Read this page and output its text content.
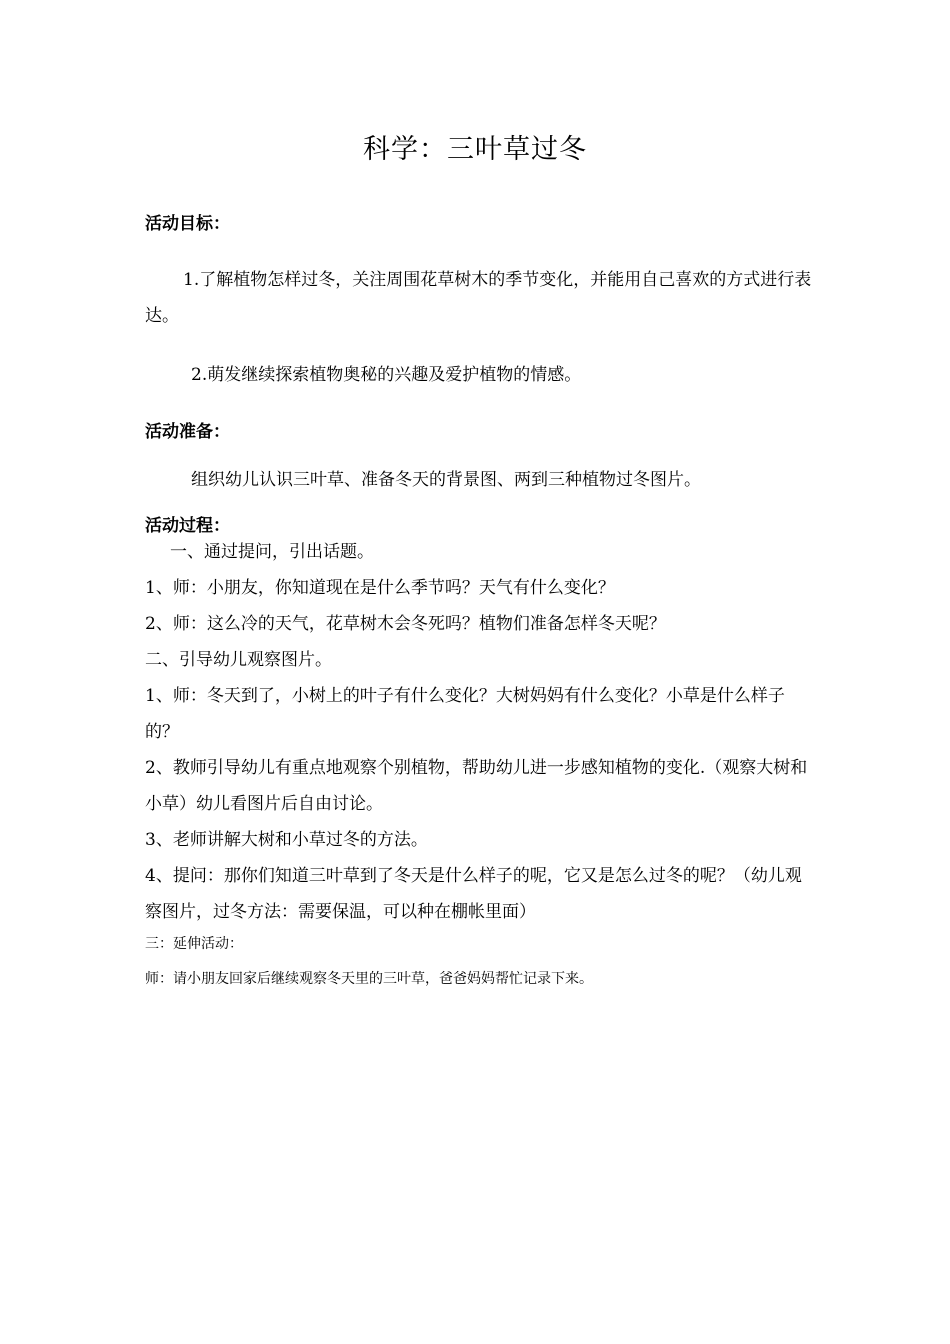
科学：三叶草过冬
活动目标：
1.了解植物怎样过冬，关注周围花草树木的季节变化，并能用自己喜欢的方式进行表达。
2.萌发继续探索植物奥秘的兴趣及爱护植物的情感。
活动准备：
组织幼儿认识三叶草、准备冬天的背景图、两到三种植物过冬图片。
活动过程：
一、通过提问，引出话题。
1、师：小朋友，你知道现在是什么季节吗？天气有什么变化？
2、师：这么冷的天气，花草树木会冬死吗？植物们准备怎样冬天呢？
二、引导幼儿观察图片。
1、师：冬天到了，小树上的叶子有什么变化？大树妈妈有什么变化？小草是什么样子的？
2、教师引导幼儿有重点地观察个别植物，帮助幼儿进一步感知植物的变化.（观察大树和小草）幼儿看图片后自由讨论。
3、老师讲解大树和小草过冬的方法。
4、提问：那你们知道三叶草到了冬天是什么样子的呢，它又是怎么过冬的呢？（幼儿观察图片，过冬方法：需要保温，可以种在棚帐里面）
三：延伸活动：
师：请小朋友回家后继续观察冬天里的三叶草，爸爸妈妈帮忙记录下来。
